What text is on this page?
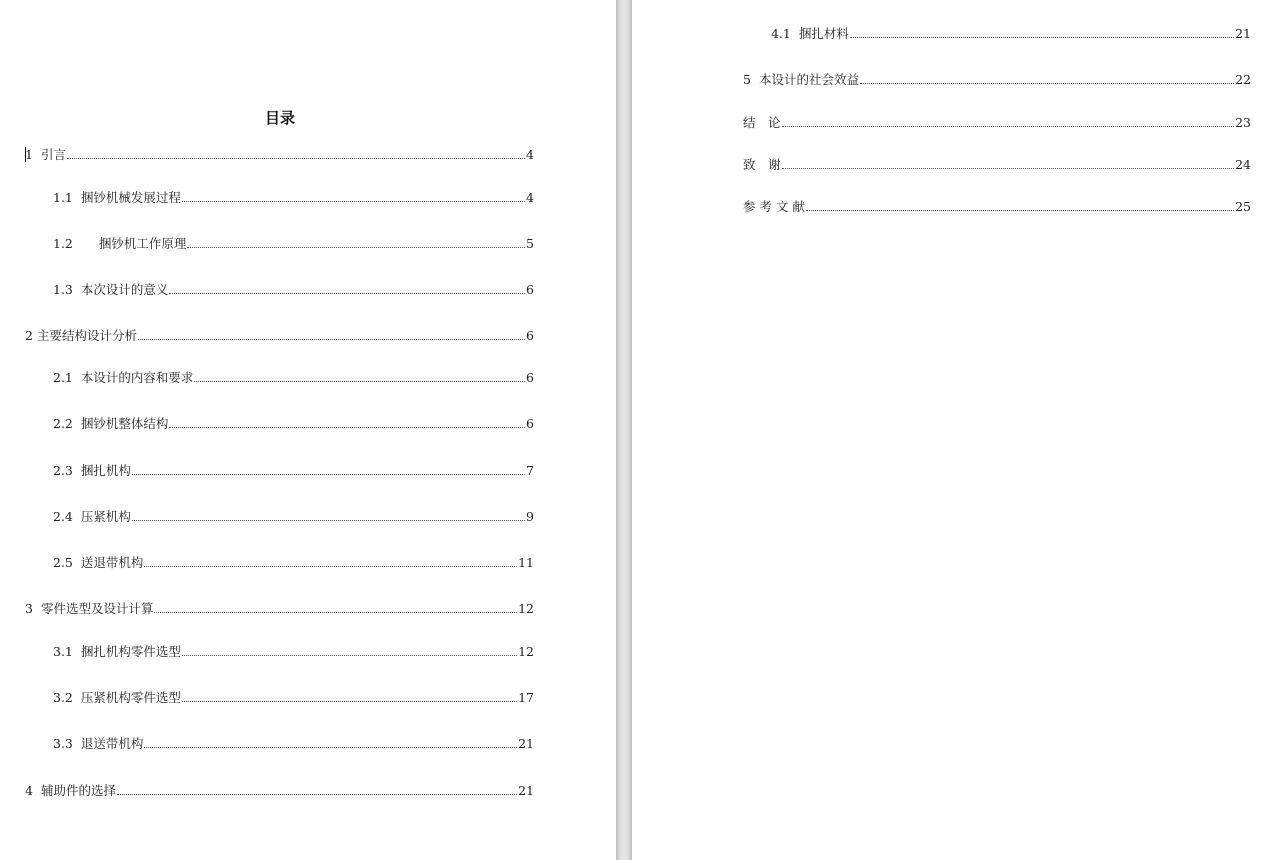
目录
1 引言	4
1.1 捆钞机械发展过程	4
1.2 捆钞机工作原理	5
1.3 本次设计的意义	6
2 主要结构设计分析	6
2.1 本设计的内容和要求	6
2.2 捆钞机整体结构	6
2.3 捆扎机构	7
2.4 压紧机构	9
2.5 送退带机构	11
3 零件选型及设计计算	12
3.1 捆扎机构零件选型	12
3.2 压紧机构零件选型	17
3.3 退送带机构	21
4 辅助件的选择	21
4.1 捆扎材料	21
5 本设计的社会效益	22
结　论	23
致　谢	24
参 考 文 献	25
